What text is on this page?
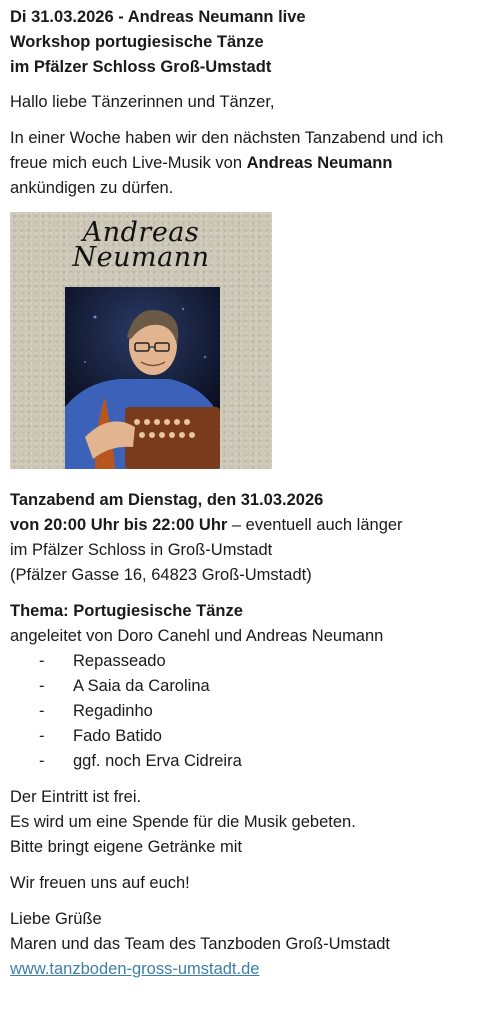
Di 31.03.2026 - Andreas Neumann live
Workshop portugiesische Tänze
im Pfälzer Schloss Groß-Umstadt

Hallo liebe Tänzerinnen und Tänzer,

In einer Woche haben wir den nächsten Tanzabend und ich freue mich euch Live-Musik von Andreas Neumann ankündigen zu dürfen.

Andreas Neumann

Tanzabend am Dienstag, den 31.03.2026
von 20:00 Uhr bis 22:00 Uhr – eventuell auch länger
im Pfälzer Schloss in Groß-Umstadt
(Pfälzer Gasse 16, 64823 Groß-Umstadt)

Thema: Portugiesische Tänze
angeleitet von Doro Canehl und Andreas Neumann
- Repasseado
- A Saia da Carolina
- Regadinho
- Fado Batido
- ggf. noch Erva Cidreira

Der Eintritt ist frei.
Es wird um eine Spende für die Musik gebeten.
Bitte bringt eigene Getränke mit

Wir freuen uns auf euch!

Liebe Grüße
Maren und das Team des Tanzboden Groß-Umstadt
www.tanzboden-gross-umstadt.de
